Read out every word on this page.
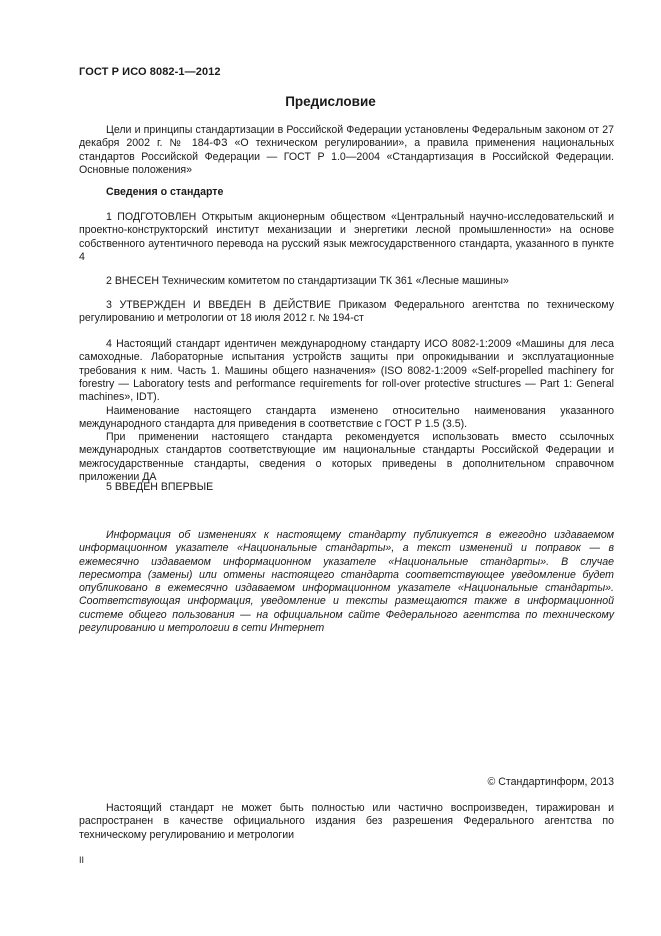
ГОСТ Р ИСО 8082-1—2012
Предисловие

Цели и принципы стандартизации в Российской Федерации установлены Федеральным законом от 27 декабря 2002 г. № 184-ФЗ «О техническом регулировании», а правила применения национальных стандартов Российской Федерации — ГОСТ Р 1.0—2004 «Стандартизация в Российской Федерации. Основные положения»

Сведения о стандарте

1 ПОДГОТОВЛЕН Открытым акционерным обществом «Центральный научно-исследовательский и проектно-конструкторский институт механизации и энергетики лесной промышленности» на основе собственного аутентичного перевода на русский язык межгосударственного стандарта, указанного в пункте 4

2 ВНЕСЕН Техническим комитетом по стандартизации ТК 361 «Лесные машины»

3 УТВЕРЖДЕН И ВВЕДЕН В ДЕЙСТВИЕ Приказом Федерального агентства по техническому регулированию и метрологии от 18 июля 2012 г. № 194-ст

4 Настоящий стандарт идентичен международному стандарту ИСО 8082-1:2009 «Машины для леса самоходные. Лабораторные испытания устройств защиты при опрокидывании и эксплуатационные требования к ним. Часть 1. Машины общего назначения» (ISO 8082-1:2009 «Self-propelled machinery for forestry — Laboratory tests and performance requirements for roll-over protective structures — Part 1: General machines», IDT).

Наименование настоящего стандарта изменено относительно наименования указанного международного стандарта для приведения в соответствие с ГОСТ Р 1.5 (3.5).

При применении настоящего стандарта рекомендуется использовать вместо ссылочных международных стандартов соответствующие им национальные стандарты Российской Федерации и межгосударственные стандарты, сведения о которых приведены в дополнительном справочном приложении ДА

5 ВВЕДЕН ВПЕРВЫЕ

Информация об изменениях к настоящему стандарту публикуется в ежегодно издаваемом информационном указателе «Национальные стандарты», а текст изменений и поправок — в ежемесячно издаваемом информационном указателе «Национальные стандарты». В случае пересмотра (замены) или отмены настоящего стандарта соответствующее уведомление будет опубликовано в ежемесячно издаваемом информационном указателе «Национальные стандарты». Соответствующая информация, уведомление и тексты размещаются также в информационной системе общего пользования — на официальном сайте Федерального агентства по техническому регулированию и метрологии в сети Интернет

© Стандартинформ, 2013

Настоящий стандарт не может быть полностью или частично воспроизведен, тиражирован и распространен в качестве официального издания без разрешения Федерального агентства по техническому регулированию и метрологии

II
